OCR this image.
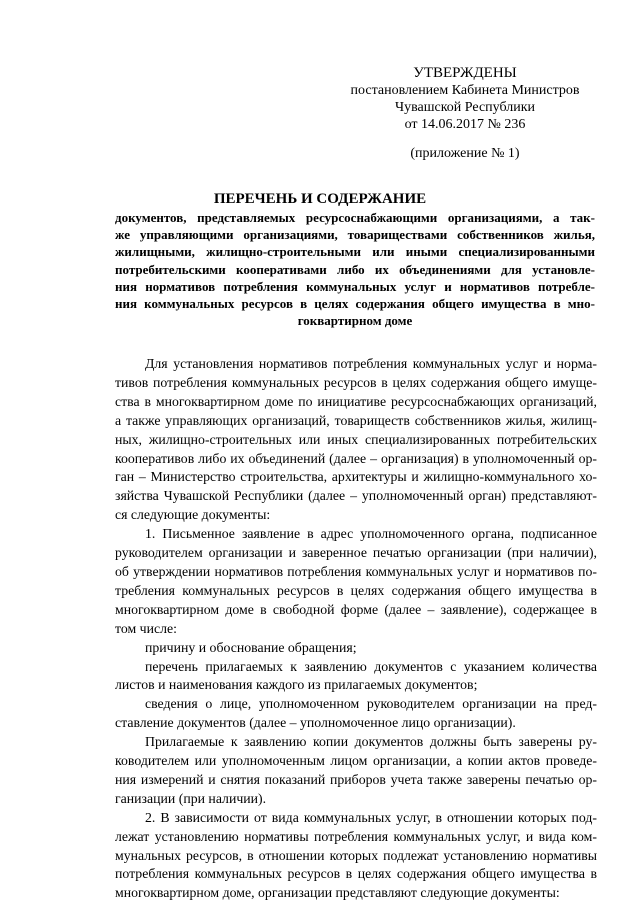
УТВЕРЖДЕНЫ
постановлением Кабинета Министров
Чувашской Республики
от 14.06.2017 № 236
(приложение № 1)
ПЕРЕЧЕНЬ И СОДЕРЖАНИЕ
документов, представляемых ресурсоснабжающими организациями, а так-
же управляющими организациями, товариществами собственников жилья,
жилищными, жилищно-строительными или иными специализированными
потребительскими кооперативами либо их объединениями для установле-
ния нормативов потребления коммунальных услуг и нормативов потребле-
ния коммунальных ресурсов в целях содержания общего имущества в мно-
гоквартирном доме
Для установления нормативов потребления коммунальных услуг и норма-
тивов потребления коммунальных ресурсов в целях содержания общего имуще-
ства в многоквартирном доме по инициативе ресурсоснабжающих организаций,
а также управляющих организаций, товариществ собственников жилья, жилищ-
ных, жилищно-строительных или иных специализированных потребительских
кооперативов либо их объединений (далее – организация) в уполномоченный ор-
ган – Министерство строительства, архитектуры и жилищно-коммунального хо-
зяйства Чувашской Республики (далее – уполномоченный орган) представляют-
ся следующие документы:
1. Письменное заявление в адрес уполномоченного органа, подписанное
руководителем организации и заверенное печатью организации (при наличии),
об утверждении нормативов потребления коммунальных услуг и нормативов по-
требления коммунальных ресурсов в целях содержания общего имущества в
многоквартирном доме в свободной форме (далее – заявление), содержащее в
том числе:
причину и обоснование обращения;
перечень прилагаемых к заявлению документов с указанием количества
листов и наименования каждого из прилагаемых документов;
сведения о лице, уполномоченном руководителем организации на пред-
ставление документов (далее – уполномоченное лицо организации).
Прилагаемые к заявлению копии документов должны быть заверены ру-
ководителем или уполномоченным лицом организации, а копии актов проведе-
ния измерений и снятия показаний приборов учета также заверены печатью ор-
ганизации (при наличии).
2. В зависимости от вида коммунальных услуг, в отношении которых под-
лежат установлению нормативы потребления коммунальных услуг, и вида ком-
мунальных ресурсов, в отношении которых подлежат установлению нормативы
потребления коммунальных ресурсов в целях содержания общего имущества в
многоквартирном доме, организации представляют следующие документы:
